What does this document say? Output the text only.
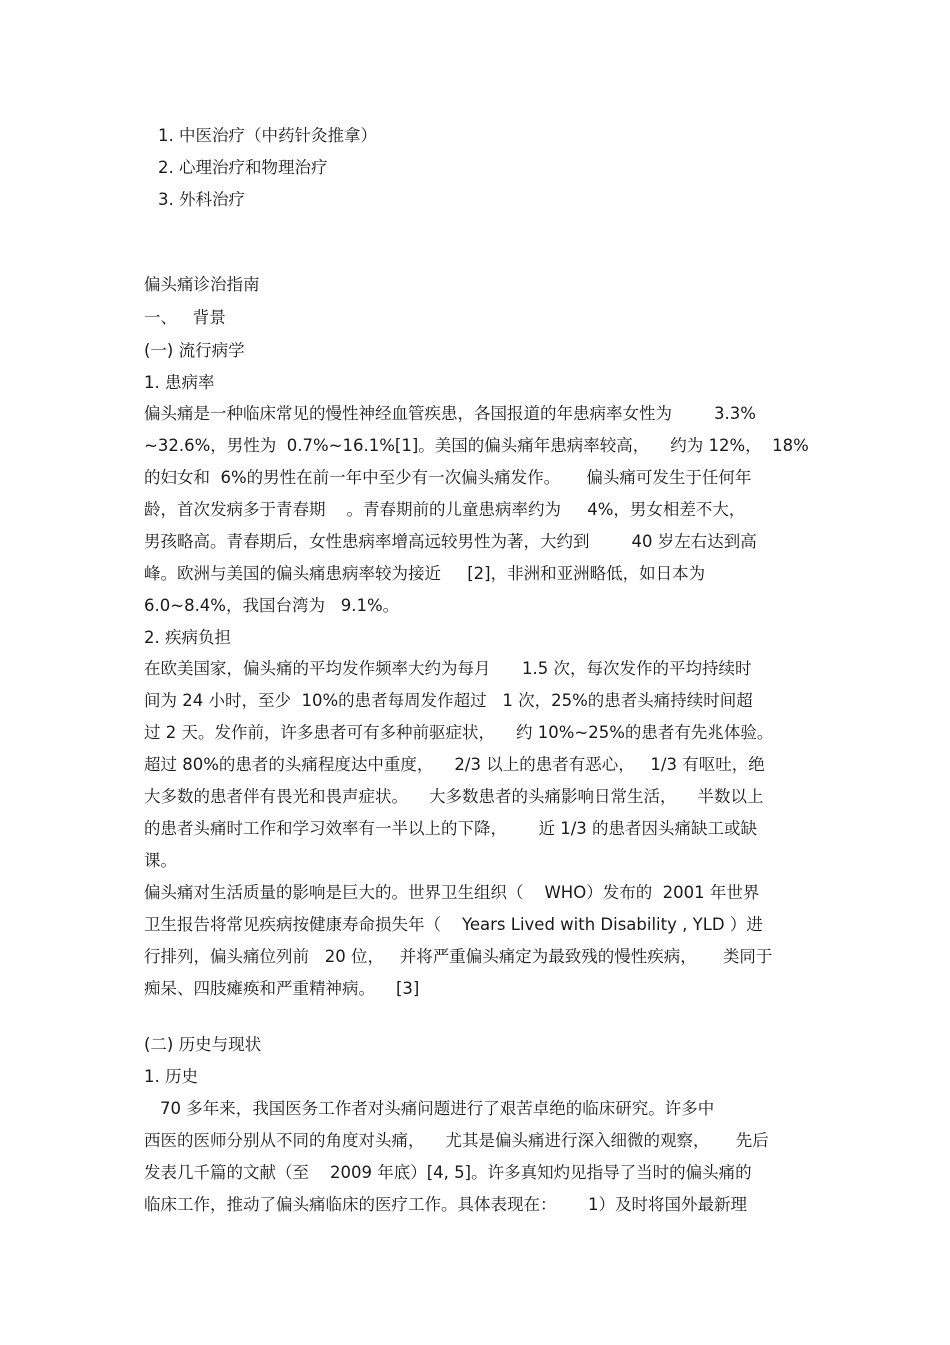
1. 中医治疗（中药针灸推拿）

2. 心理治疗和物理治疗

3. 外科治疗

偏头痛诊治指南

一、   背景

(一) 流行病学

1. 患病率

偏头痛是一种临床常见的慢性神经血管疾患，各国报道的年患病率女性为        3.3%

~32.6%，男性为  0.7%~16.1%[1]。美国的偏头痛年患病率较高，    约为 12%，  18%

的妇女和  6%的男性在前一年中至少有一次偏头痛发作。     偏头痛可发生于任何年

龄，首次发病多于青春期    。青春期前的儿童患病率约为     4%，男女相差不大，

男孩略高。青春期后，女性患病率增高远较男性为著，大约到        40 岁左右达到高

峰。欧洲与美国的偏头痛患病率较为接近     [2]，非洲和亚洲略低，如日本为

6.0~8.4%，我国台湾为   9.1%。

2. 疾病负担

在欧美国家，偏头痛的平均发作频率大约为每月      1.5 次，每次发作的平均持续时

间为 24 小时，至少  10%的患者每周发作超过   1 次，25%的患者头痛持续时间超

过 2 天。发作前，许多患者可有多种前驱症状，    约 10%~25%的患者有先兆体验。

超过 80%的患者的头痛程度达中重度，    2/3 以上的患者有恶心，   1/3 有呕吐，绝

大多数的患者伴有畏光和畏声症状。    大多数患者的头痛影响日常生活，    半数以上

的患者头痛时工作和学习效率有一半以上的下降，      近 1/3 的患者因头痛缺工或缺

课。

偏头痛对生活质量的影响是巨大的。世界卫生组织（    WHO）发布的  2001 年世界

卫生报告将常见疾病按健康寿命损失年（    Years Lived with Disability , YLD ）进

行排列，偏头痛位列前   20 位，   并将严重偏头痛定为最致残的慢性疾病，     类同于

痴呆、四肢瘫痪和严重精神病。    [3]

(二) 历史与现状

1. 历史

70 多年来，我国医务工作者对头痛问题进行了艰苦卓绝的临床研究。许多中

西医的医师分别从不同的角度对头痛，    尤其是偏头痛进行深入细微的观察，     先后

发表几千篇的文献（至    2009 年底）[4, 5]。许多真知灼见指导了当时的偏头痛的

临床工作，推动了偏头痛临床的医疗工作。具体表现在：      1）及时将国外最新理
